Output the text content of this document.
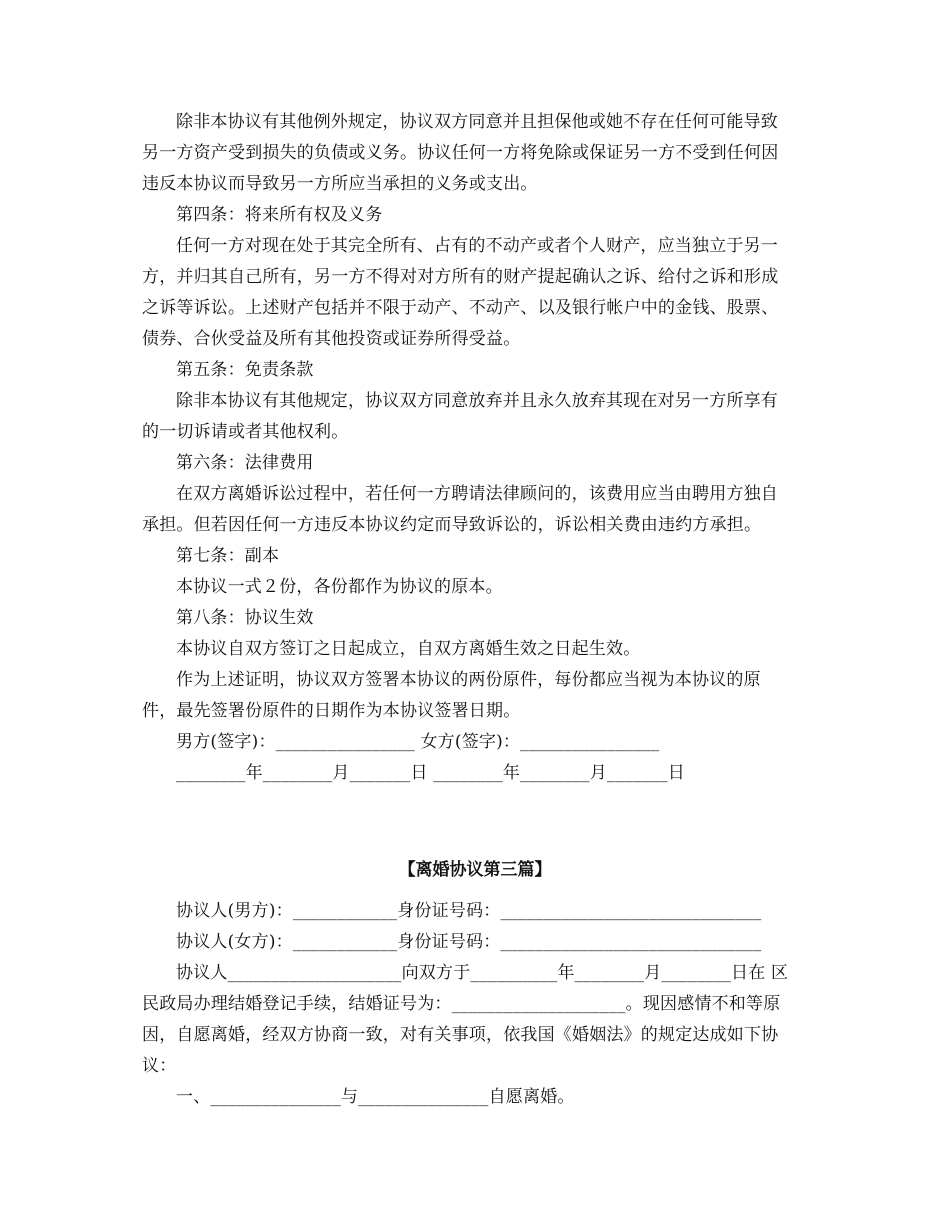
除非本协议有其他例外规定，协议双方同意并且担保他或她不存在任何可能导致
另一方资产受到损失的负债或义务。协议任何一方将免除或保证另一方不受到任何因
违反本协议而导致另一方所应当承担的义务或支出。
第四条：将来所有权及义务
任何一方对现在处于其完全所有、占有的不动产或者个人财产，应当独立于另一
方，并归其自己所有，另一方不得对对方所有的财产提起确认之诉、给付之诉和形成
之诉等诉讼。上述财产包括并不限于动产、不动产、以及银行帐户中的金钱、股票、
债券、合伙受益及所有其他投资或证券所得受益。
第五条：免责条款
除非本协议有其他规定，协议双方同意放弃并且永久放弃其现在对另一方所享有
的一切诉请或者其他权利。
第六条：法律费用
在双方离婚诉讼过程中，若任何一方聘请法律顾问的，该费用应当由聘用方独自
承担。但若因任何一方违反本协议约定而导致诉讼的，诉讼相关费由违约方承担。
第七条：副本
本协议一式２份，各份都作为协议的原本。
第八条：协议生效
本协议自双方签订之日起成立，自双方离婚生效之日起生效。
作为上述证明，协议双方签署本协议的两份原件，每份都应当视为本协议的原
件，最先签署份原件的日期作为本协议签署日期。
男方(签字)：________________ 女方(签字)：________________
________年________月_______日 ________年________月_______日
【离婚协议第三篇】
协议人(男方)：____________身份证号码：______________________________
协议人(女方)：____________身份证号码：______________________________
协议人____________________向双方于__________年________月________日在 区
民政局办理结婚登记手续，结婚证号为：____________________。现因感情不和等原
因，自愿离婚，经双方协商一致，对有关事项，依我国《婚姻法》的规定达成如下协
议：
一、_______________与_______________自愿离婚。
